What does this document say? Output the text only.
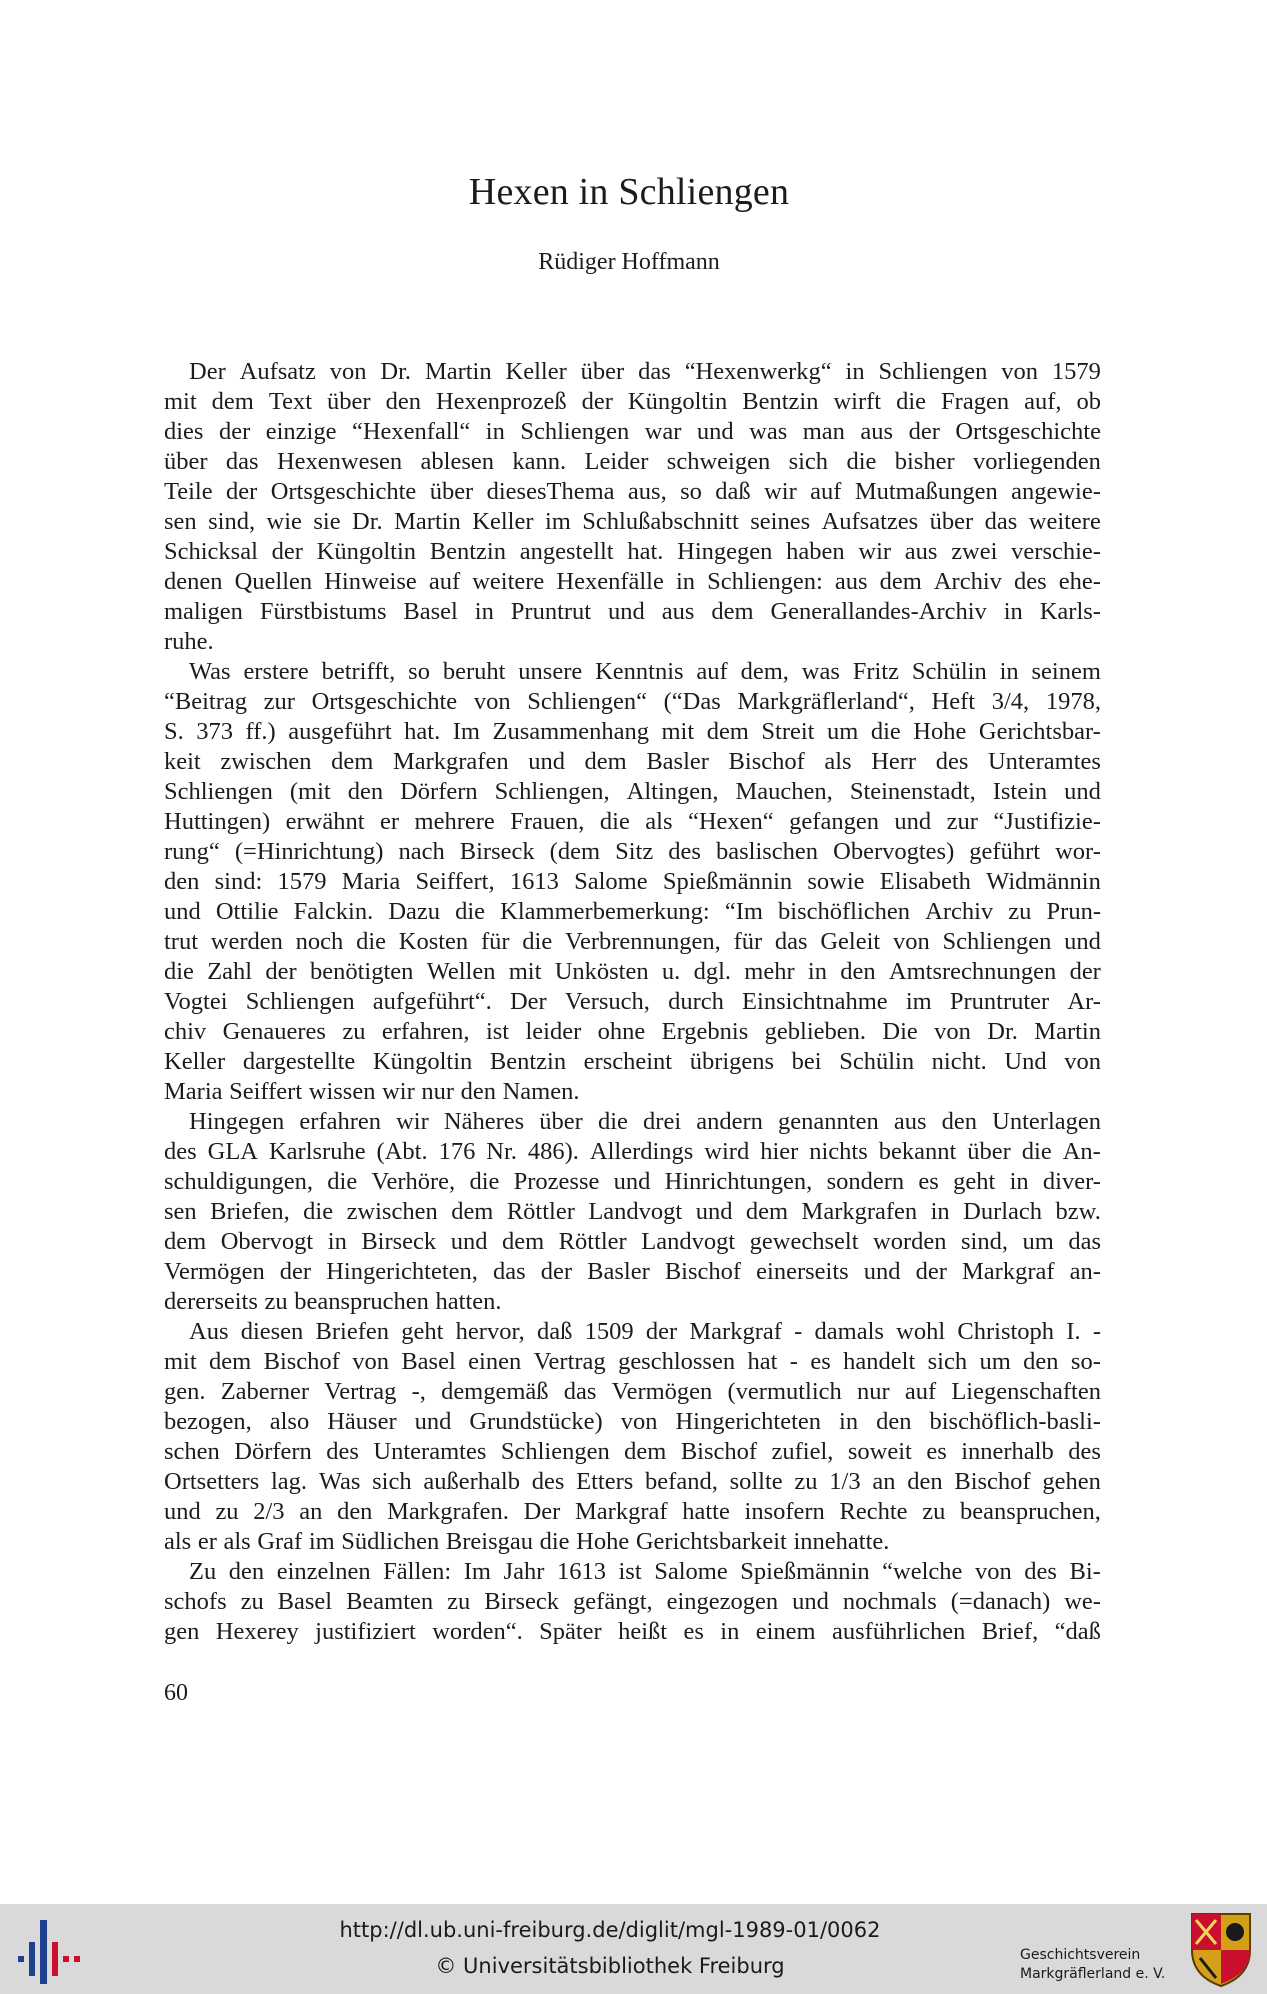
Hexen in Schliengen
Rüdiger Hoffmann
Der Aufsatz von Dr. Martin Keller über das “Hexenwerkg“ in Schliengen von 1579
mit dem Text über den Hexenprozeß der Küngoltin Bentzin wirft die Fragen auf, ob
dies der einzige “Hexenfall“ in Schliengen war und was man aus der Ortsgeschichte
über das Hexenwesen ablesen kann. Leider schweigen sich die bisher vorliegenden
Teile der Ortsgeschichte über diesesThema aus, so daß wir auf Mutmaßungen angewie-
sen sind, wie sie Dr. Martin Keller im Schlußabschnitt seines Aufsatzes über das weitere
Schicksal der Küngoltin Bentzin angestellt hat. Hingegen haben wir aus zwei verschie-
denen Quellen Hinweise auf weitere Hexenfälle in Schliengen: aus dem Archiv des ehe-
maligen Fürstbistums Basel in Pruntrut und aus dem Generallandes-Archiv in Karls-
ruhe.
Was erstere betrifft, so beruht unsere Kenntnis auf dem, was Fritz Schülin in seinem
“Beitrag zur Ortsgeschichte von Schliengen“ (“Das Markgräflerland“, Heft 3/4, 1978,
S. 373 ff.) ausgeführt hat. Im Zusammenhang mit dem Streit um die Hohe Gerichtsbar-
keit zwischen dem Markgrafen und dem Basler Bischof als Herr des Unteramtes
Schliengen (mit den Dörfern Schliengen, Altingen, Mauchen, Steinenstadt, Istein und
Huttingen) erwähnt er mehrere Frauen, die als “Hexen“ gefangen und zur “Justifizie-
rung“ (=Hinrichtung) nach Birseck (dem Sitz des baslischen Obervogtes) geführt wor-
den sind: 1579 Maria Seiffert, 1613 Salome Spießmännin sowie Elisabeth Widmännin
und Ottilie Falckin. Dazu die Klammerbemerkung: “Im bischöflichen Archiv zu Prun-
trut werden noch die Kosten für die Verbrennungen, für das Geleit von Schliengen und
die Zahl der benötigten Wellen mit Unkösten u. dgl. mehr in den Amtsrechnungen der
Vogtei Schliengen aufgeführt“. Der Versuch, durch Einsichtnahme im Pruntruter Ar-
chiv Genaueres zu erfahren, ist leider ohne Ergebnis geblieben. Die von Dr. Martin
Keller dargestellte Küngoltin Bentzin erscheint übrigens bei Schülin nicht. Und von
Maria Seiffert wissen wir nur den Namen.
Hingegen erfahren wir Näheres über die drei andern genannten aus den Unterlagen
des GLA Karlsruhe (Abt. 176 Nr. 486). Allerdings wird hier nichts bekannt über die An-
schuldigungen, die Verhöre, die Prozesse und Hinrichtungen, sondern es geht in diver-
sen Briefen, die zwischen dem Röttler Landvogt und dem Markgrafen in Durlach bzw.
dem Obervogt in Birseck und dem Röttler Landvogt gewechselt worden sind, um das
Vermögen der Hingerichteten, das der Basler Bischof einerseits und der Markgraf an-
dererseits zu beanspruchen hatten.
Aus diesen Briefen geht hervor, daß 1509 der Markgraf - damals wohl Christoph I. -
mit dem Bischof von Basel einen Vertrag geschlossen hat - es handelt sich um den so-
gen. Zaberner Vertrag -, demgemäß das Vermögen (vermutlich nur auf Liegenschaften
bezogen, also Häuser und Grundstücke) von Hingerichteten in den bischöflich-basli-
schen Dörfern des Unteramtes Schliengen dem Bischof zufiel, soweit es innerhalb des
Ortsetters lag. Was sich außerhalb des Etters befand, sollte zu 1/3 an den Bischof gehen
und zu 2/3 an den Markgrafen. Der Markgraf hatte insofern Rechte zu beanspruchen,
als er als Graf im Südlichen Breisgau die Hohe Gerichtsbarkeit innehatte.
Zu den einzelnen Fällen: Im Jahr 1613 ist Salome Spießmännin “welche von des Bi-
schofs zu Basel Beamten zu Birseck gefängt, eingezogen und nochmals (=danach) we-
gen Hexerey justifiziert worden“. Später heißt es in einem ausführlichen Brief, “daß
60
http://dl.ub.uni-freiburg.de/diglit/mgl-1989-01/0062
© Universitätsbibliothek Freiburg	Geschichtsverein
Markgräflerland e. V.
